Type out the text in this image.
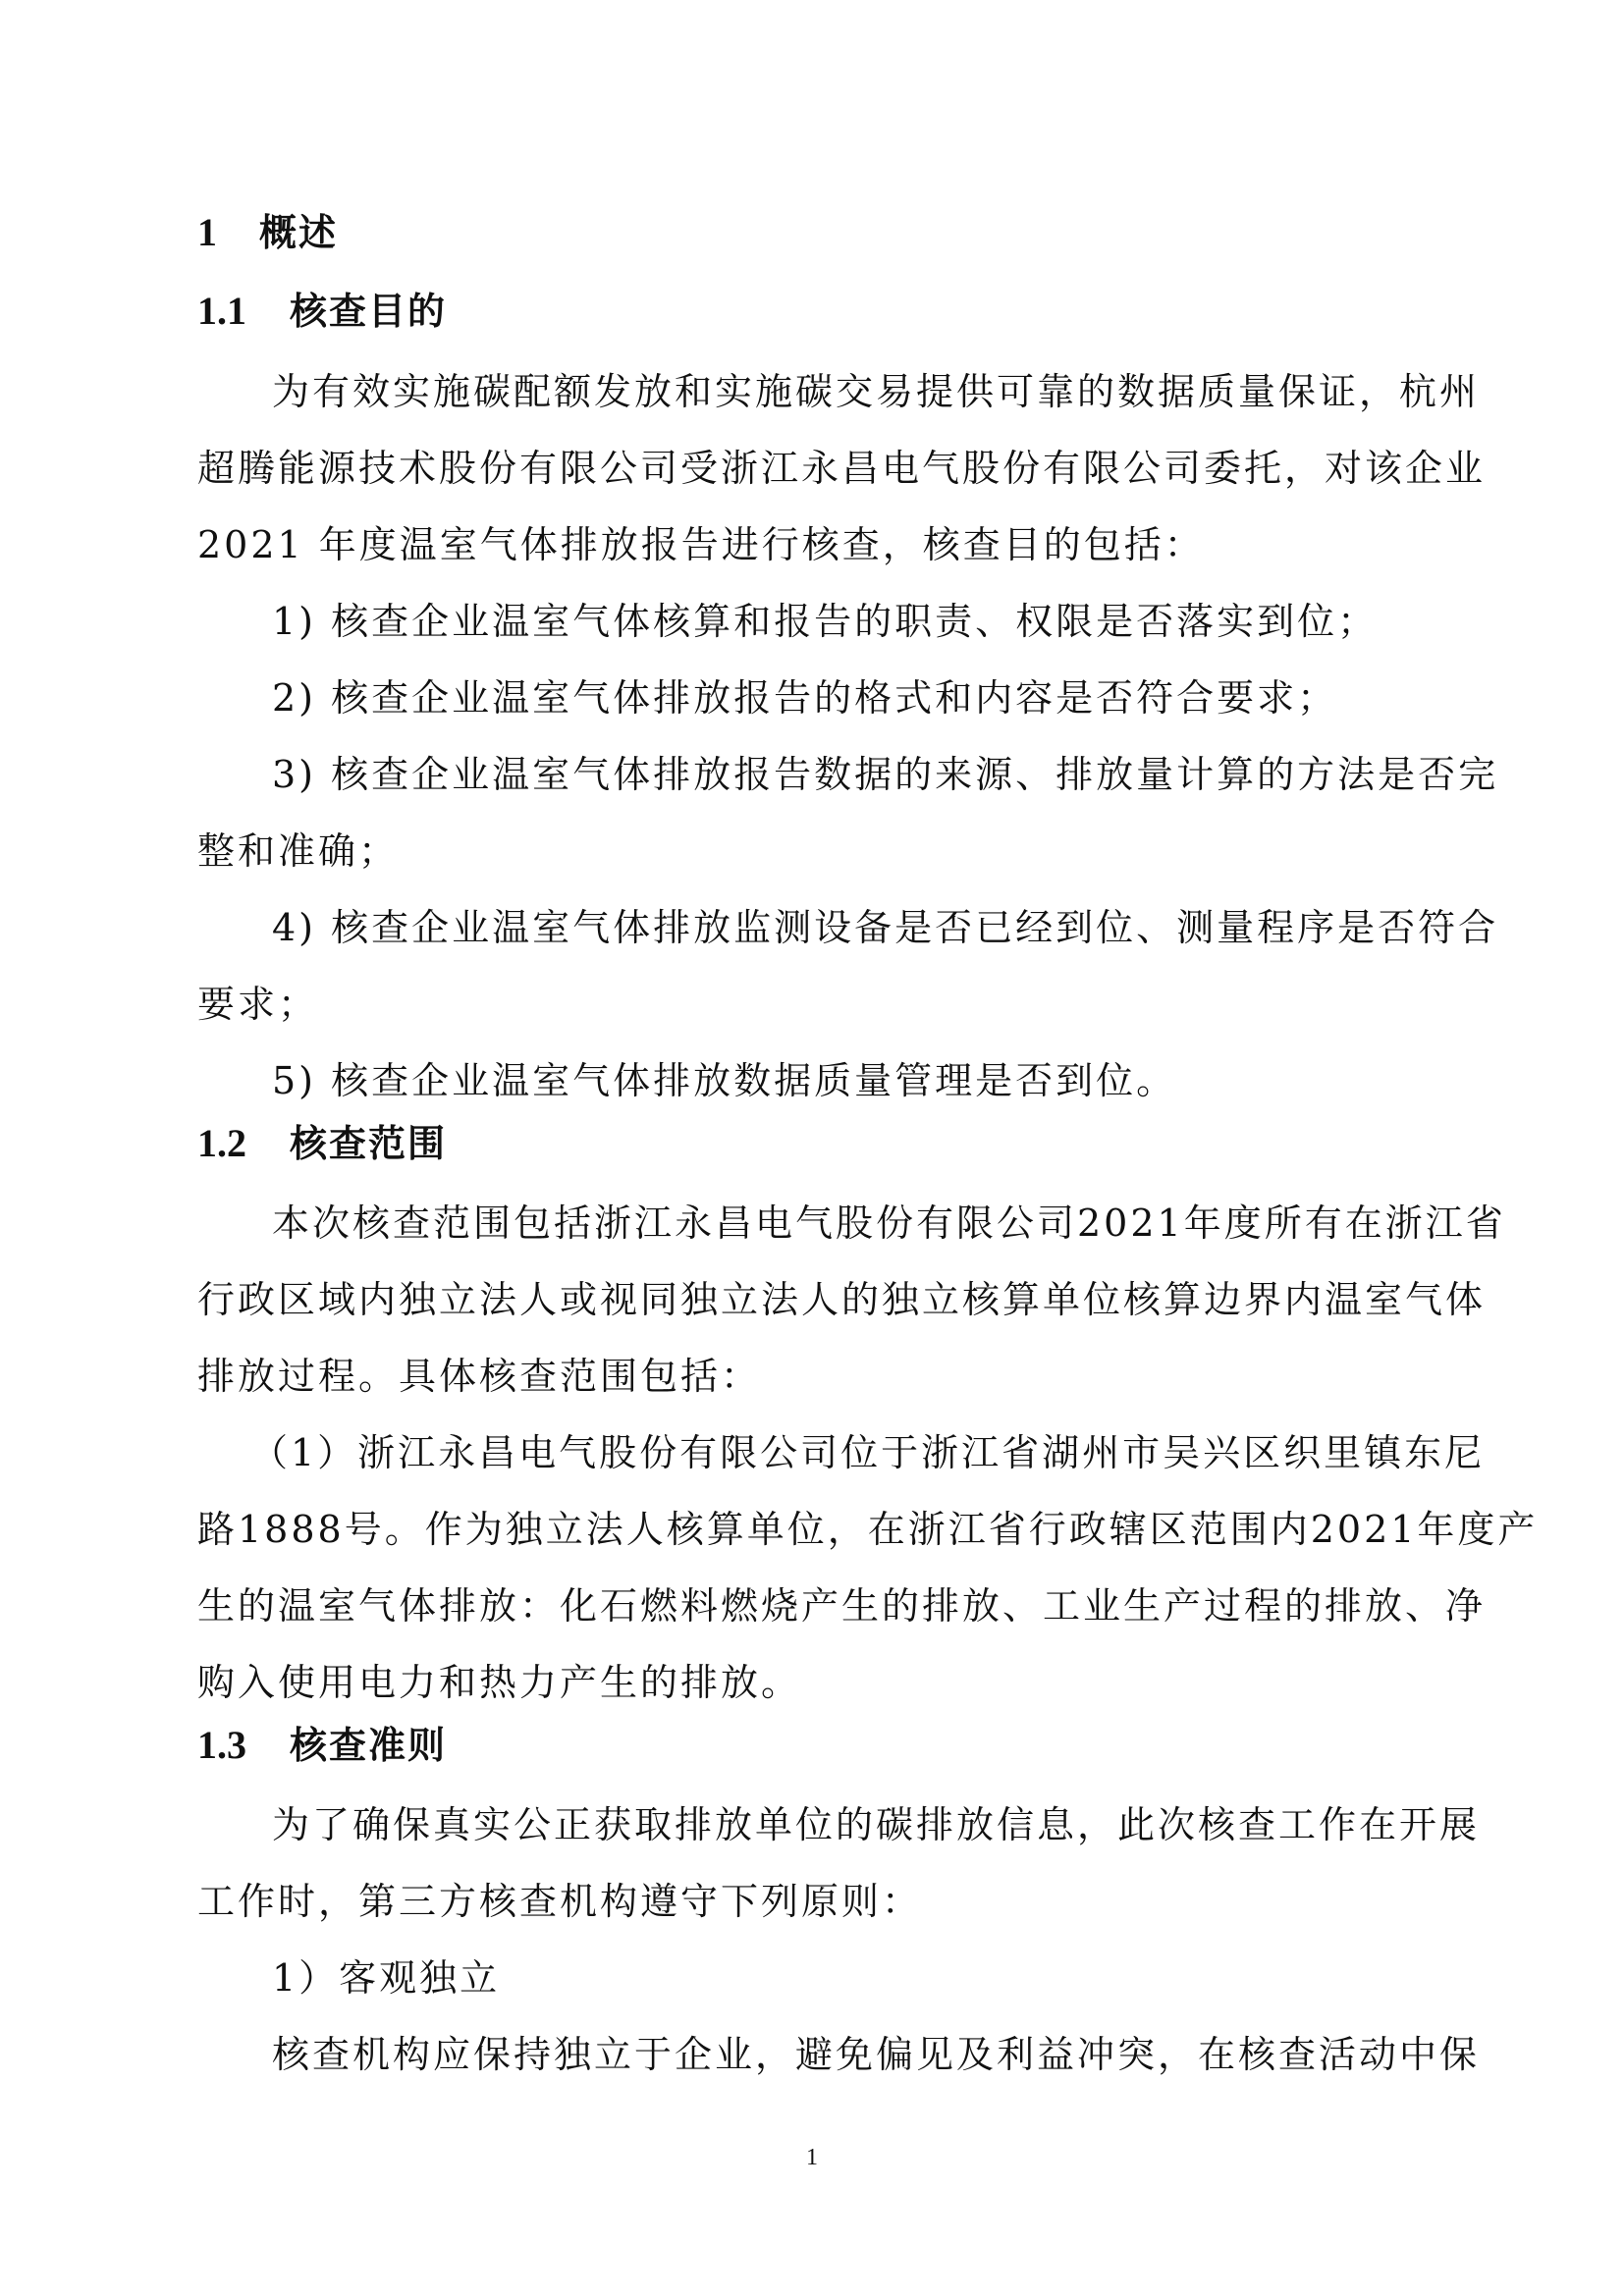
1 概述
1.1 核查目的
为有效实施碳配额发放和实施碳交易提供可靠的数据质量保证，杭州
超腾能源技术股份有限公司受浙江永昌电气股份有限公司委托，对该企业
2021 年度温室气体排放报告进行核查，核查目的包括：
1) 核查企业温室气体核算和报告的职责、权限是否落实到位；
2) 核查企业温室气体排放报告的格式和内容是否符合要求；
3) 核查企业温室气体排放报告数据的来源、排放量计算的方法是否完
整和准确；
4) 核查企业温室气体排放监测设备是否已经到位、测量程序是否符合
要求；
5) 核查企业温室气体排放数据质量管理是否到位。
1.2 核查范围
本次核查范围包括浙江永昌电气股份有限公司2021年度所有在浙江省
行政区域内独立法人或视同独立法人的独立核算单位核算边界内温室气体
排放过程。具体核查范围包括：
（1）浙江永昌电气股份有限公司位于浙江省湖州市吴兴区织里镇东尼
路1888号。作为独立法人核算单位，在浙江省行政辖区范围内2021年度产
生的温室气体排放：化石燃料燃烧产生的排放、工业生产过程的排放、净
购入使用电力和热力产生的排放。
1.3 核查准则
为了确保真实公正获取排放单位的碳排放信息，此次核查工作在开展
工作时，第三方核查机构遵守下列原则：
1）客观独立
核查机构应保持独立于企业，避免偏见及利益冲突，在核查活动中保
1
